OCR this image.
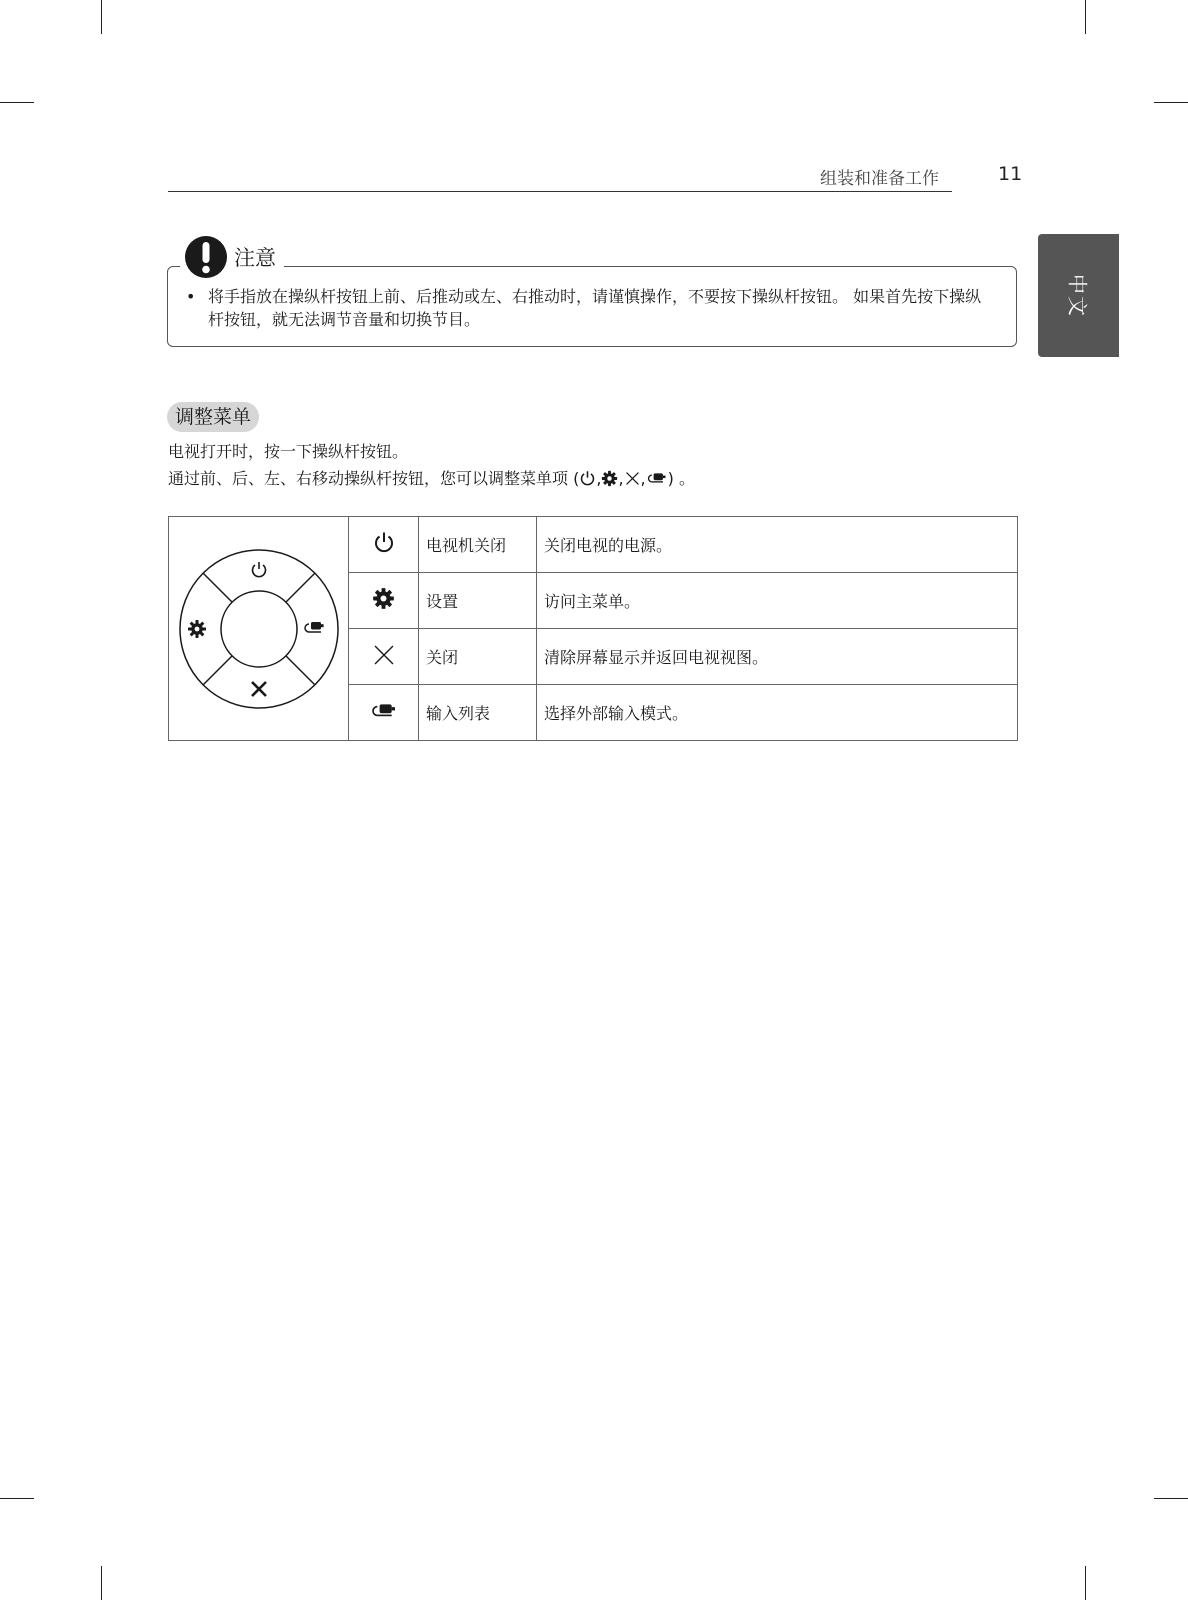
组装和准备工作	11
中文
注意
• 将手指放在操纵杆按钮上前、后推动或左、右推动时，请谨慎操作，不要按下操纵杆按钮。 如果首先按下操纵杆按钮，就无法调节音量和切换节目。
调整菜单
电视打开时，按一下操纵杆按钮。
通过前、后、左、右移动操纵杆按钮，您可以调整菜单项 ( , , , ) 。
		电视机关闭	关闭电视的电源。
	设置	访问主菜单。
	关闭	清除屏幕显示并返回电视视图。
	输入列表	选择外部输入模式。
